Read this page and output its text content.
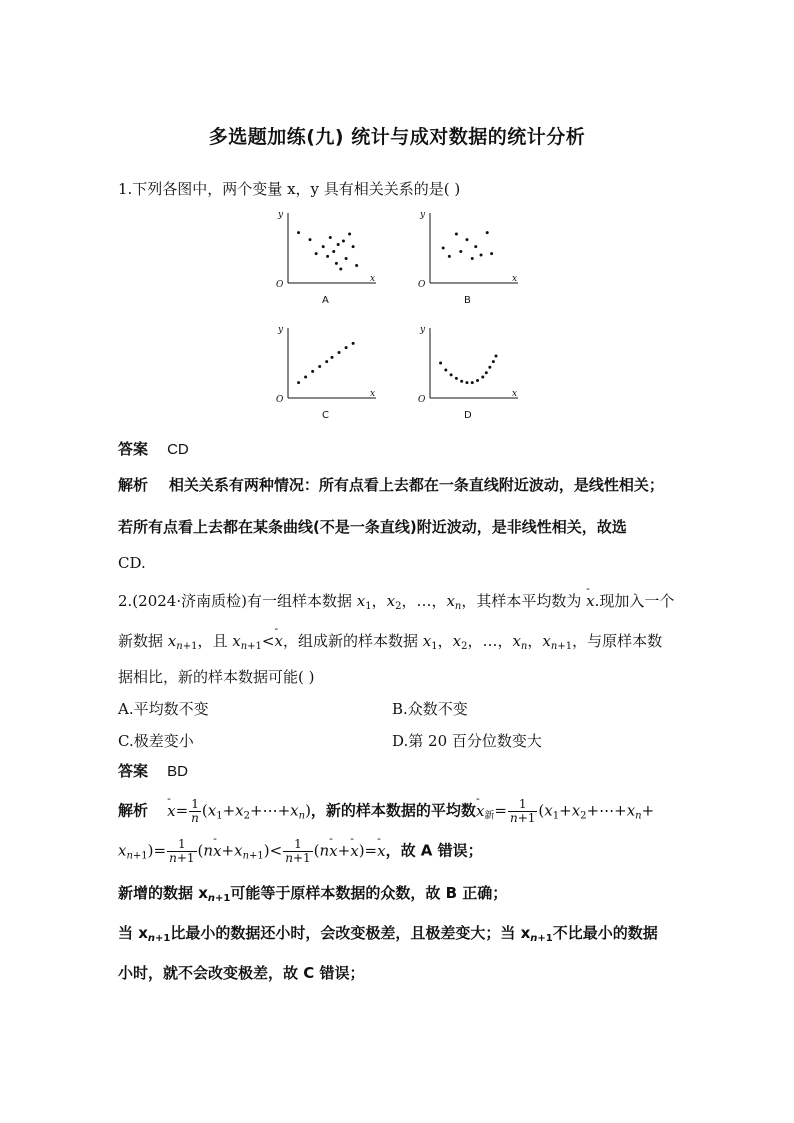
多选题加练(九) 统计与成对数据的统计分析
1.下列各图中，两个变量 x，y 具有相关关系的是( )
x
y
O
A
x
y
O
B
x
y
O
C
x
y
O
D
答案 CD
解析 相关关系有两种情况：所有点看上去都在一条直线附近波动，是线性相关；
若所有点看上去都在某条曲线(不是一条直线)附近波动，是非线性相关，故选
CD.
2.(2024·济南质检)有一组样本数据 $x_1$，$x_2$，…，$x_n$，其样本平均数为 - x.现加入一个
新数据 $x_{n+1}$，且 $x_{n+1}<-$ x，组成新的样本数据 $x_1$，$x_2$，…，$x_n$，$x_{n+1}$，与原样本数
据相比，新的样本数据可能( )
A.平均数不变	B.众数不变
C.极差变小	D.第 20 百分位数变大
答案 BD
解析    - $x= \frac{1}{n}$ $(x_1+x_2+\cdots+x_n)$，新的样本数据的平均数- $x_新= \frac{1}{n+1}$ ($x_1+x_2+\cdots+x_n+$
$x_{n+1})= \frac{1}{n+1} (n-$ $x+x_{n+1})< \frac{1}{n+1} (n-$ x+- x)=- x，故 A 错误；
新增的数据 $x_{n+1}$可能等于原样本数据的众数，故 B 正确；
当 $x_{n+1}$比最小的数据还小时，会改变极差，且极差变大；当 $x_{n+1}$不比最小的数据
小时，就不会改变极差，故 C 错误；
